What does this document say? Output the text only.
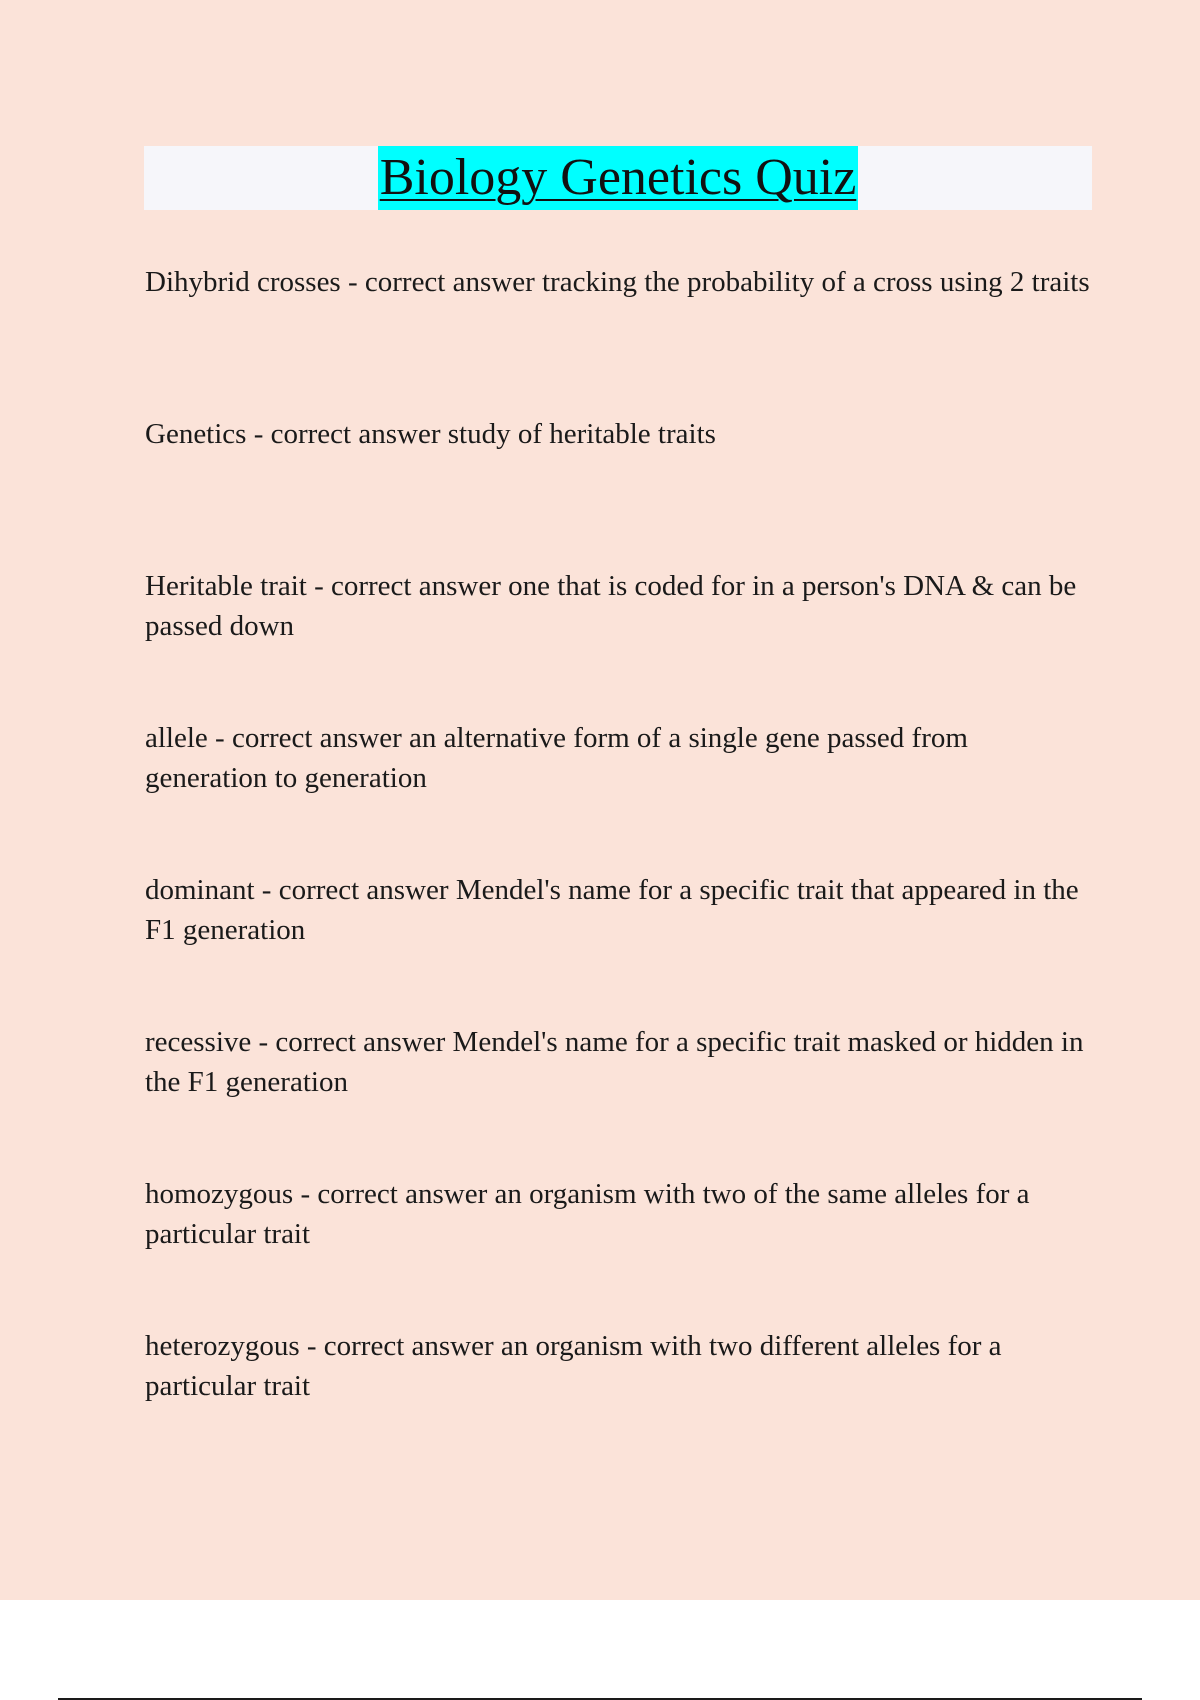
Biology Genetics Quiz

Dihybrid crosses - correct answer tracking the probability of a cross using 2 traits

Genetics - correct answer study of heritable traits

Heritable trait - correct answer one that is coded for in a person's DNA & can be passed down

allele - correct answer an alternative form of a single gene passed from generation to generation

dominant - correct answer Mendel's name for a specific trait that appeared in the F1 generation

recessive - correct answer Mendel's name for a specific trait masked or hidden in the F1 generation

homozygous - correct answer an organism with two of the same alleles for a particular trait

heterozygous - correct answer an organism with two different alleles for a particular trait
